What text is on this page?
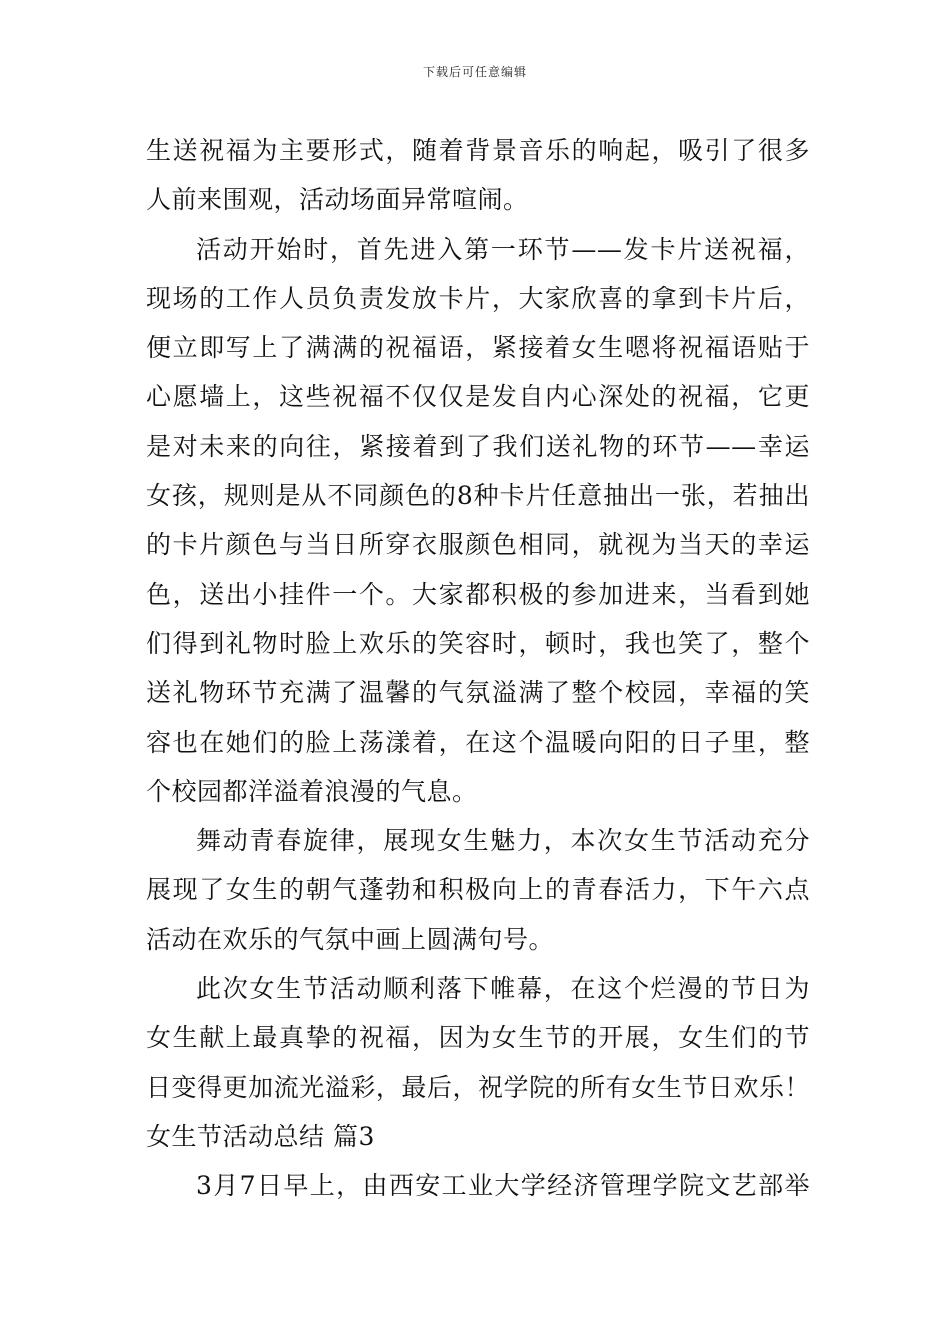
下载后可任意编辑
生送祝福为主要形式，随着背景音乐的响起，吸引了很多
人前来围观，活动场面异常喧闹。
活动开始时，首先进入第一环节——发卡片送祝福，
现场的工作人员负责发放卡片，大家欣喜的拿到卡片后，
便立即写上了满满的祝福语，紧接着女生嗯将祝福语贴于
心愿墙上，这些祝福不仅仅是发自内心深处的祝福，它更
是对未来的向往，紧接着到了我们送礼物的环节——幸运
女孩，规则是从不同颜色的8种卡片任意抽出一张，若抽出
的卡片颜色与当日所穿衣服颜色相同，就视为当天的幸运
色，送出小挂件一个。大家都积极的参加进来，当看到她
们得到礼物时脸上欢乐的笑容时，顿时，我也笑了，整个
送礼物环节充满了温馨的气氛溢满了整个校园，幸福的笑
容也在她们的脸上荡漾着，在这个温暖向阳的日子里，整
个校园都洋溢着浪漫的气息。
舞动青春旋律，展现女生魅力，本次女生节活动充分
展现了女生的朝气蓬勃和积极向上的青春活力，下午六点
活动在欢乐的气氛中画上圆满句号。
此次女生节活动顺利落下帷幕，在这个烂漫的节日为
女生献上最真挚的祝福，因为女生节的开展，女生们的节
日变得更加流光溢彩，最后，祝学院的所有女生节日欢乐！
女生节活动总结 篇3
3月7日早上，由西安工业大学经济管理学院文艺部举
